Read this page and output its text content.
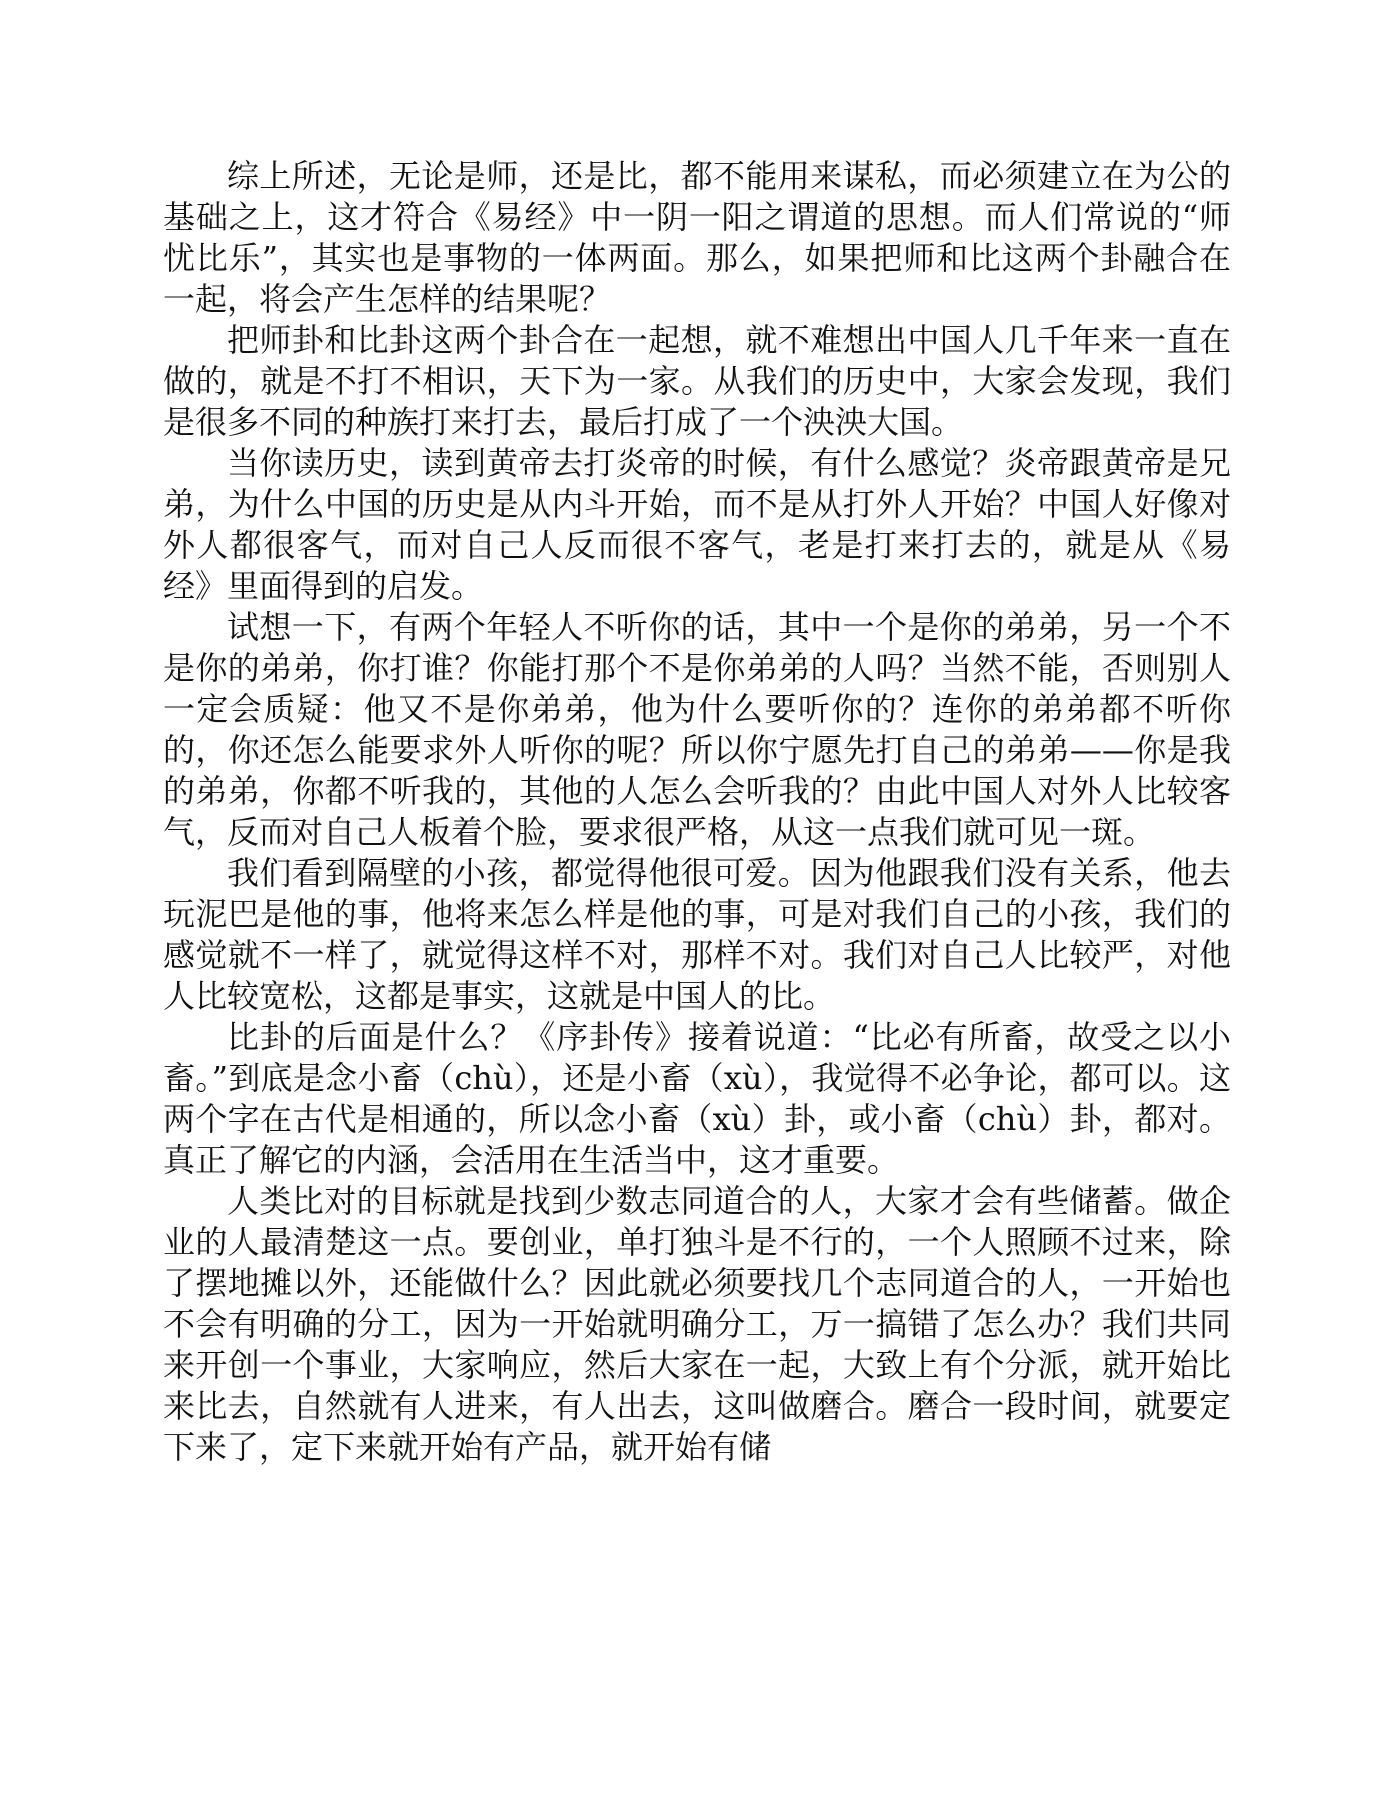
综上所述，无论是师，还是比，都不能用来谋私，而必须建立在为公的基础之上，这才符合《易经》中一阴一阳之谓道的思想。而人们常说的“师忧比乐”，其实也是事物的一体两面。那么，如果把师和比这两个卦融合在一起，将会产生怎样的结果呢？

把师卦和比卦这两个卦合在一起想，就不难想出中国人几千年来一直在做的，就是不打不相识，天下为一家。从我们的历史中，大家会发现，我们是很多不同的种族打来打去，最后打成了一个泱泱大国。

当你读历史，读到黄帝去打炎帝的时候，有什么感觉？炎帝跟黄帝是兄弟，为什么中国的历史是从内斗开始，而不是从打外人开始？中国人好像对外人都很客气，而对自己人反而很不客气，老是打来打去的，就是从《易经》里面得到的启发。

试想一下，有两个年轻人不听你的话，其中一个是你的弟弟，另一个不是你的弟弟，你打谁？你能打那个不是你弟弟的人吗？当然不能，否则别人一定会质疑：他又不是你弟弟，他为什么要听你的？连你的弟弟都不听你的，你还怎么能要求外人听你的呢？所以你宁愿先打自己的弟弟——你是我的弟弟，你都不听我的，其他的人怎么会听我的？由此中国人对外人比较客气，反而对自己人板着个脸，要求很严格，从这一点我们就可见一斑。

我们看到隔壁的小孩，都觉得他很可爱。因为他跟我们没有关系，他去玩泥巴是他的事，他将来怎么样是他的事，可是对我们自己的小孩，我们的感觉就不一样了，就觉得这样不对，那样不对。我们对自己人比较严，对他人比较宽松，这都是事实，这就是中国人的比。

比卦的后面是什么？《序卦传》接着说道：“比必有所畜，故受之以小畜。”到底是念小畜（chù），还是小畜（xù），我觉得不必争论，都可以。这两个字在古代是相通的，所以念小畜（xù）卦，或小畜（chù）卦，都对。真正了解它的内涵，会活用在生活当中，这才重要。

人类比对的目标就是找到少数志同道合的人，大家才会有些储蓄。做企业的人最清楚这一点。要创业，单打独斗是不行的，一个人照顾不过来，除了摆地摊以外，还能做什么？因此就必须要找几个志同道合的人，一开始也不会有明确的分工，因为一开始就明确分工，万一搞错了怎么办？我们共同来开创一个事业，大家响应，然后大家在一起，大致上有个分派，就开始比来比去，自然就有人进来，有人出去，这叫做磨合。磨合一段时间，就要定下来了，定下来就开始有产品，就开始有储
